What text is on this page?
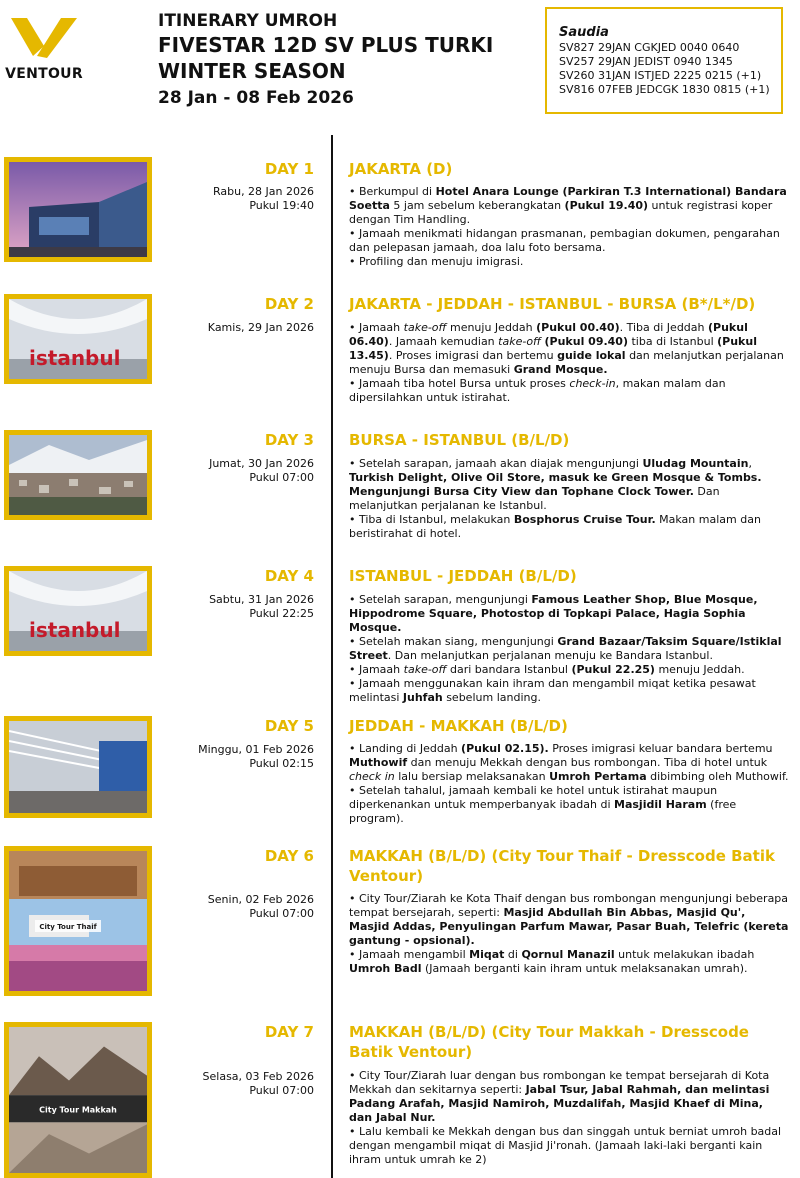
VENTOUR
ITINERARY UMROH
FIVESTAR 12D SV PLUS TURKI
WINTER SEASON
28 Jan - 08 Feb 2026
Saudia
SV827 29JAN CGKJED 0040 0640
SV257 29JAN JEDIST 0940 1345
SV260 31JAN ISTJED 2225 0215 (+1)
SV816 07FEB JEDCGK 1830 0815 (+1)
DAY 1
Rabu, 28 Jan 2026
Pukul 19:40
JAKARTA (D)

• Berkumpul di Hotel Anara Lounge (Parkiran T.3 International) Bandara Soetta 5 jam sebelum keberangkatan (Pukul 19.40) untuk registrasi koper dengan Tim Handling.

• Jamaah menikmati hidangan prasmanan, pembagian dokumen, pengarahan dan pelepasan jamaah, doa lalu foto bersama.

• Profiling dan menuju imigrasi.

istanbul
DAY 2
Kamis, 29 Jan 2026
JAKARTA - JEDDAH - ISTANBUL - BURSA (B*/L*/D)

• Jamaah take-off menuju Jeddah (Pukul 00.40). Tiba di Jeddah (Pukul 06.40). Jamaah kemudian take-off (Pukul 09.40) tiba di Istanbul (Pukul 13.45). Proses imigrasi dan bertemu guide lokal dan melanjutkan perjalanan menuju Bursa dan memasuki Grand Mosque.

• Jamaah tiba hotel Bursa untuk proses check-in, makan malam dan dipersilahkan untuk istirahat.

DAY 3
Jumat, 30 Jan 2026
Pukul 07:00
BURSA - ISTANBUL (B/L/D)

• Setelah sarapan, jamaah akan diajak mengunjungi Uludag Mountain, Turkish Delight, Olive Oil Store, masuk ke Green Mosque & Tombs. Mengunjungi Bursa City View dan Tophane Clock Tower. Dan melanjutkan perjalanan ke Istanbul.

• Tiba di Istanbul, melakukan Bosphorus Cruise Tour. Makan malam dan beristirahat di hotel.

istanbul
DAY 4
Sabtu, 31 Jan 2026
Pukul 22:25
ISTANBUL - JEDDAH (B/L/D)

• Setelah sarapan, mengunjungi Famous Leather Shop, Blue Mosque, Hippodrome Square, Photostop di Topkapi Palace, Hagia Sophia Mosque.

• Setelah makan siang, mengunjungi Grand Bazaar/Taksim Square/Istiklal Street. Dan melanjutkan perjalanan menuju ke Bandara Istanbul.

• Jamaah take-off dari bandara Istanbul (Pukul 22.25) menuju Jeddah.

• Jamaah menggunakan kain ihram dan mengambil miqat ketika pesawat melintasi Juhfah sebelum landing.

DAY 5
Minggu, 01 Feb 2026
Pukul 02:15
JEDDAH - MAKKAH (B/L/D)

• Landing di Jeddah (Pukul 02.15). Proses imigrasi keluar bandara bertemu Muthowif dan menuju Mekkah dengan bus rombongan. Tiba di hotel untuk check in lalu bersiap melaksanakan Umroh Pertama dibimbing oleh Muthowif.

• Setelah tahalul, jamaah kembali ke hotel untuk istirahat maupun diperkenankan untuk memperbanyak ibadah di Masjidil Haram (free program).

City Tour Thaif
DAY 6
Senin, 02 Feb 2026
Pukul 07:00
MAKKAH (B/L/D) (City Tour Thaif - Dresscode Batik Ventour)

• City Tour/Ziarah ke Kota Thaif dengan bus rombongan mengunjungi beberapa tempat bersejarah, seperti: Masjid Abdullah Bin Abbas, Masjid Qu', Masjid Addas, Penyulingan Parfum Mawar, Pasar Buah, Telefric (kereta gantung - opsional).

• Jamaah mengambil Miqat di Qornul Manazil untuk melakukan ibadah Umroh Badl (Jamaah berganti kain ihram untuk melaksanakan umrah).

City Tour Makkah
DAY 7
Selasa, 03 Feb 2026
Pukul 07:00
MAKKAH (B/L/D) (City Tour Makkah - Dresscode Batik Ventour)

• City Tour/Ziarah luar dengan bus rombongan ke tempat bersejarah di Kota Mekkah dan sekitarnya seperti: Jabal Tsur, Jabal Rahmah, dan melintasi Padang Arafah, Masjid Namiroh, Muzdalifah, Masjid Khaef di Mina, dan Jabal Nur.

• Lalu kembali ke Mekkah dengan bus dan singgah untuk berniat umroh badal dengan mengambil miqat di Masjid Ji'ronah. (Jamaah laki-laki berganti kain ihram untuk umrah ke 2)
